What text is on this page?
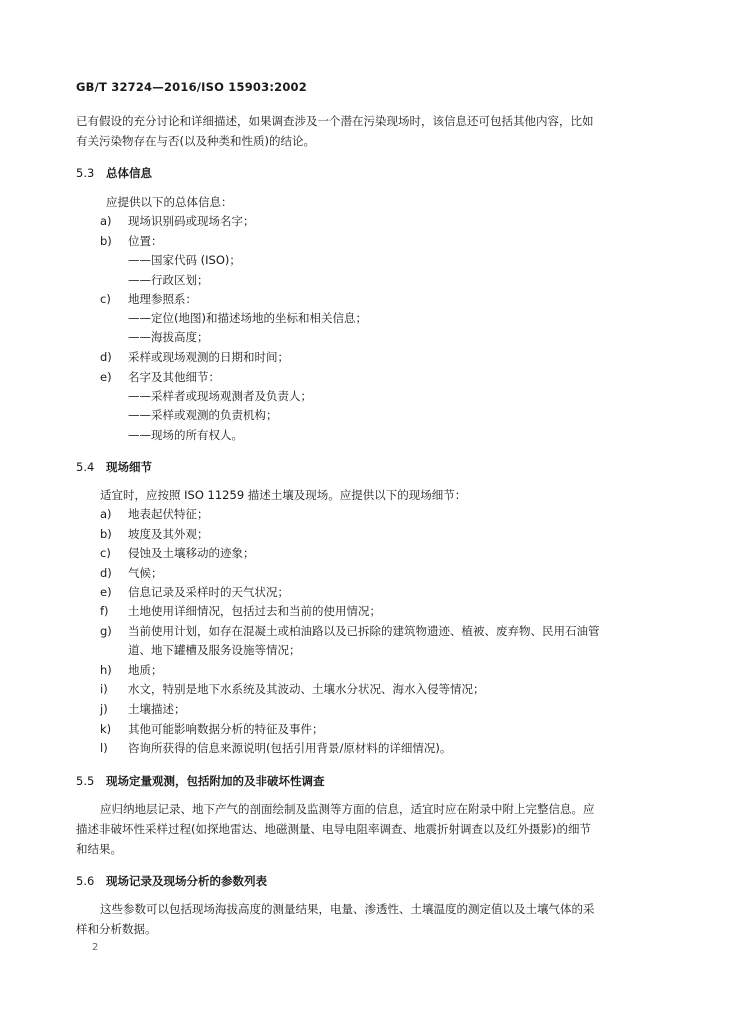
GB/T 32724—2016/ISO 15903:2002
已有假设的充分讨论和详细描述，如果调查涉及一个潜在污染现场时，该信息还可包括其他内容，比如
有关污染物存在与否(以及种类和性质)的结论。
5.3 总体信息
应提供以下的总体信息：
a) 现场识别码或现场名字；
b) 位置：
——国家代码 (ISO)；
——行政区划；
c) 地理参照系：
——定位(地图)和描述场地的坐标和相关信息；
——海拔高度；
d) 采样或现场观测的日期和时间；
e) 名字及其他细节：
——采样者或现场观测者及负责人；
——采样或观测的负责机构；
——现场的所有权人。
5.4 现场细节
适宜时，应按照 ISO 11259 描述土壤及现场。应提供以下的现场细节：
a) 地表起伏特征；
b) 坡度及其外观；
c) 侵蚀及土壤移动的迹象；
d) 气候；
e) 信息记录及采样时的天气状况；
f) 土地使用详细情况，包括过去和当前的使用情况；
g) 当前使用计划，如存在混凝土或柏油路以及已拆除的建筑物遗迹、植被、废弃物、民用石油管
道、地下罐槽及服务设施等情况；
h) 地质；
i) 水文，特别是地下水系统及其波动、土壤水分状况、海水入侵等情况；
j) 土壤描述；
k) 其他可能影响数据分析的特征及事件；
l) 咨询所获得的信息来源说明(包括引用背景/原材料的详细情况)。
5.5 现场定量观测，包括附加的及非破坏性调查
应归纳地层记录、地下产气的剖面绘制及监测等方面的信息，适宜时应在附录中附上完整信息。应
描述非破坏性采样过程(如探地雷达、地磁测量、电导电阻率调查、地震折射调查以及红外摄影)的细节
和结果。
5.6 现场记录及现场分析的参数列表
这些参数可以包括现场海拔高度的测量结果，电量、渗透性、土壤温度的测定值以及土壤气体的采
样和分析数据。
2
